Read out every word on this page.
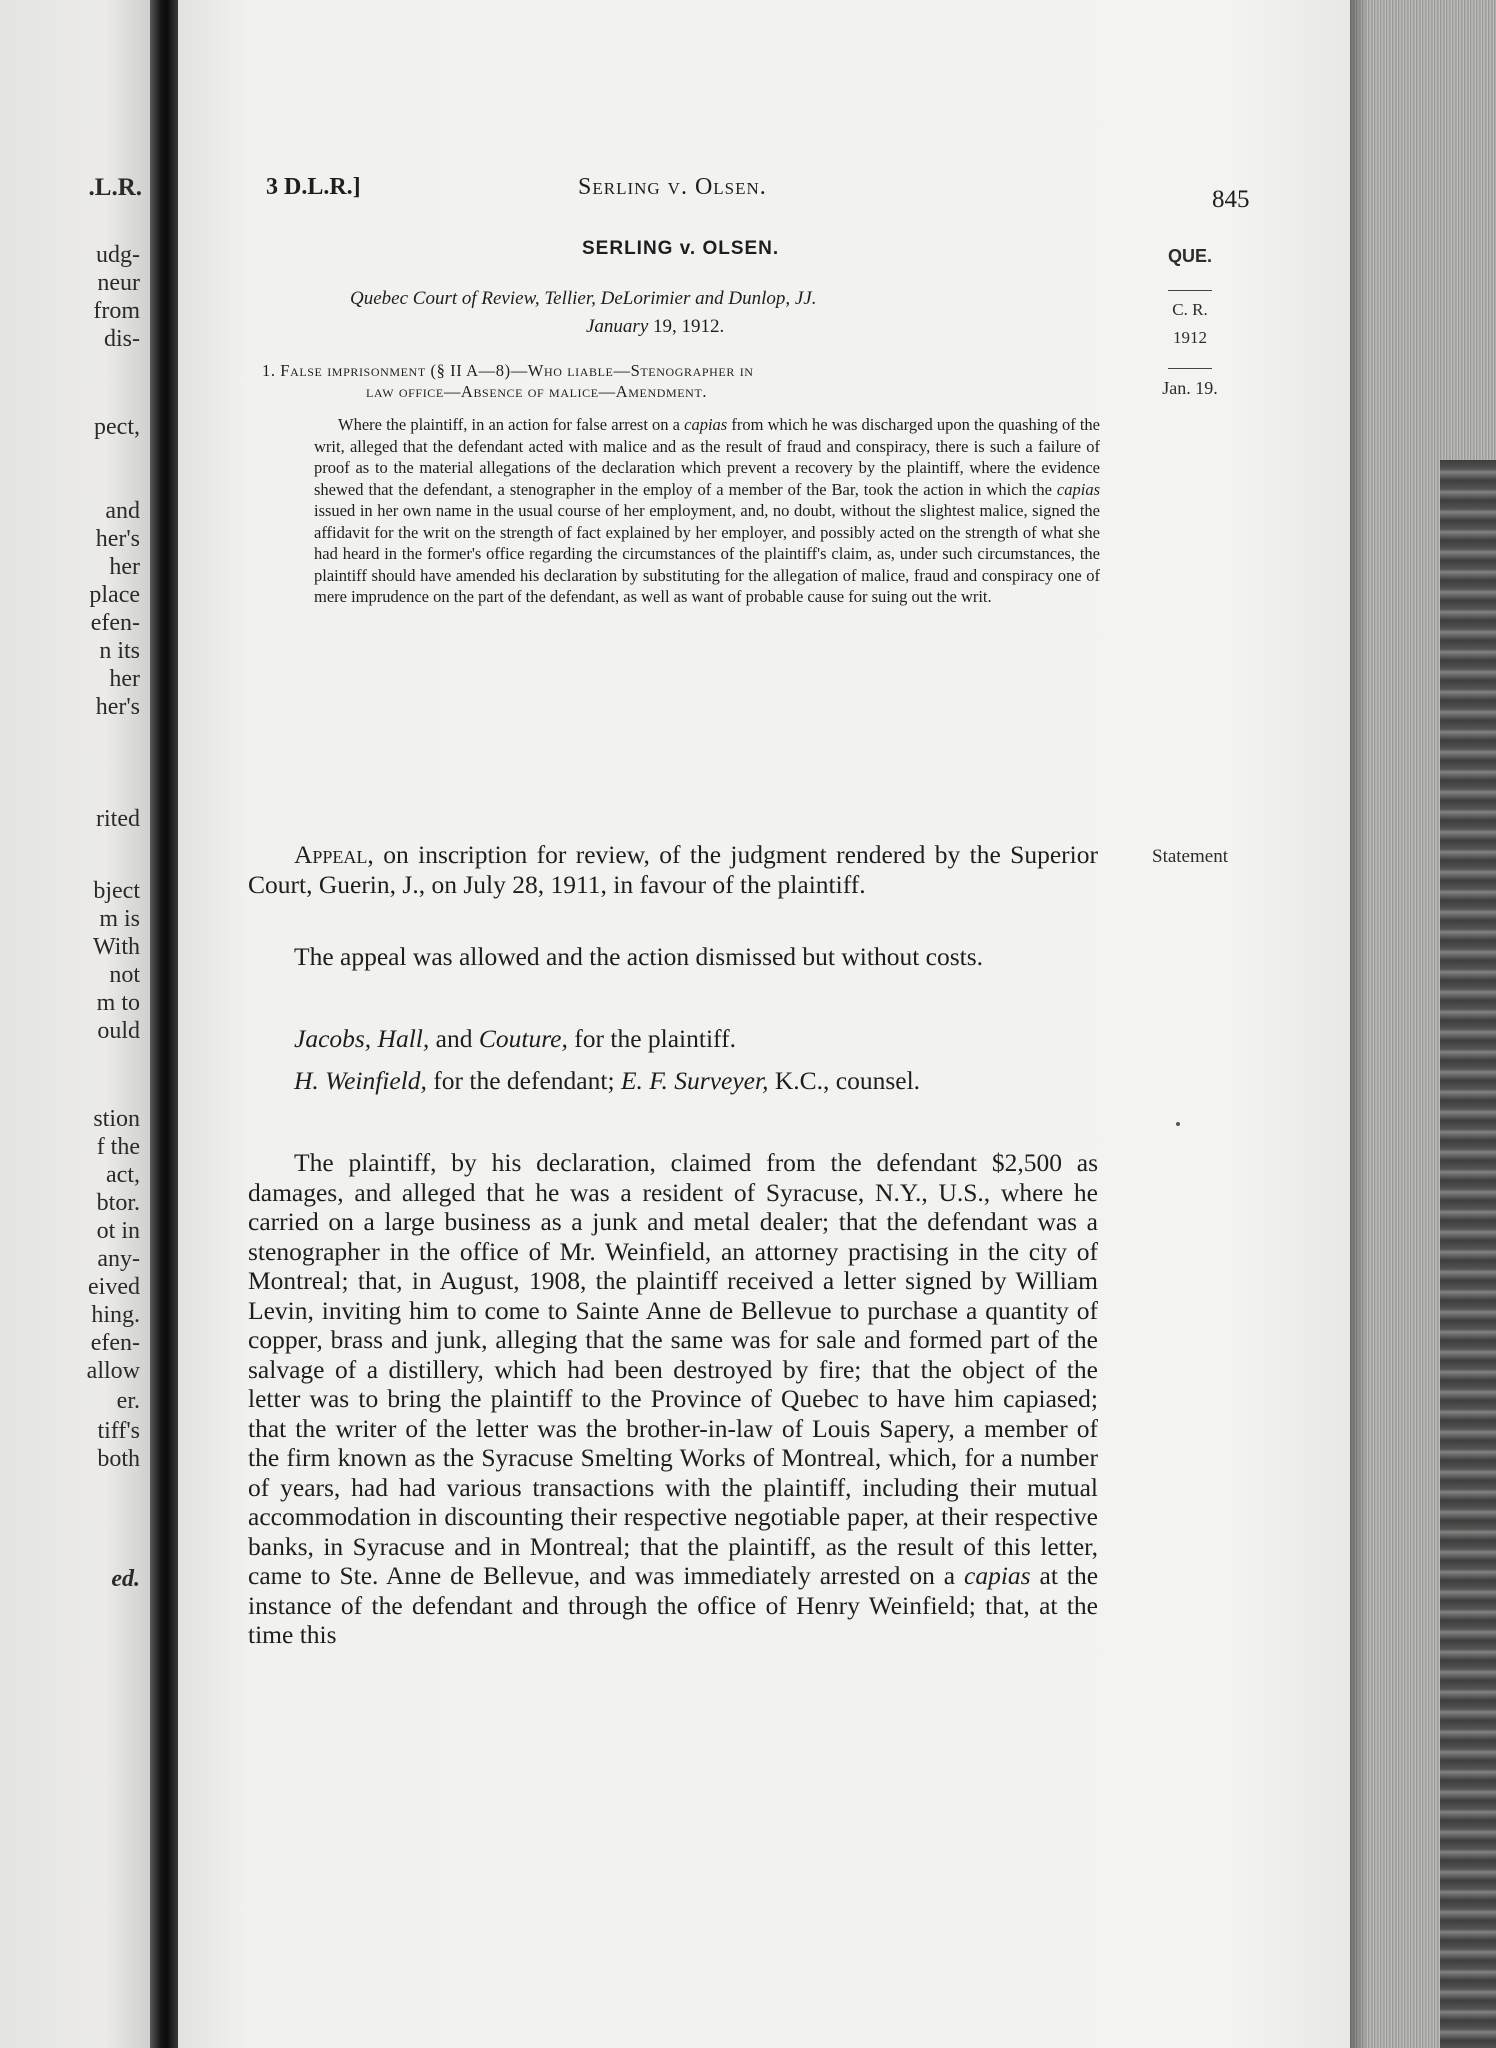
.L.R.
udg-
neur
from
dis-
pect,
and
her's
her
place
efen-
n its
her
her's
rited
bject
m is
With
not
m to
ould
stion
f the
act,
btor.
ot in
any-
eived
hing.
efen-
allow
er.
tiff's
both
ed.
3 D.L.R.]	Serling v. Olsen.	845
SERLING v. OLSEN.
Quebec Court of Review, Tellier, DeLorimier and Dunlop, JJ.
January 19, 1912.
QUE.
C. R.
1912
Jan. 19.
Statement
1. False imprisonment (§ II A—8)—Who liable—Stenographer in
law office—Absence of malice—Amendment.
Where the plaintiff, in an action for false arrest on a capias from which he was discharged upon the quashing of the writ, alleged that the defendant acted with malice and as the result of fraud and conspiracy, there is such a failure of proof as to the material allegations of the declaration which prevent a recovery by the plaintiff, where the evidence shewed that the defendant, a stenographer in the employ of a member of the Bar, took the action in which the capias issued in her own name in the usual course of her employment, and, no doubt, without the slightest malice, signed the affidavit for the writ on the strength of fact explained by her employer, and possibly acted on the strength of what she had heard in the former's office regarding the circumstances of the plaintiff's claim, as, under such circumstances, the plaintiff should have amended his declaration by substituting for the allegation of malice, fraud and conspiracy one of mere imprudence on the part of the defendant, as well as want of probable cause for suing out the writ.
Appeal, on inscription for review, of the judgment rendered by the Superior Court, Guerin, J., on July 28, 1911, in favour of the plaintiff.
The appeal was allowed and the action dismissed but without costs.
Jacobs, Hall, and Couture, for the plaintiff.
H. Weinfield, for the defendant; E. F. Surveyer, K.C., counsel.
The plaintiff, by his declaration, claimed from the defendant $2,500 as damages, and alleged that he was a resident of Syracuse, N.Y., U.S., where he carried on a large business as a junk and metal dealer; that the defendant was a stenographer in the office of Mr. Weinfield, an attorney practising in the city of Montreal; that, in August, 1908, the plaintiff received a letter signed by William Levin, inviting him to come to Sainte Anne de Bellevue to purchase a quantity of copper, brass and junk, alleging that the same was for sale and formed part of the salvage of a distillery, which had been destroyed by fire; that the object of the letter was to bring the plaintiff to the Province of Quebec to have him capiased; that the writer of the letter was the brother-in-law of Louis Sapery, a member of the firm known as the Syracuse Smelting Works of Montreal, which, for a number of years, had had various transactions with the plaintiff, including their mutual accommodation in discounting their respective negotiable paper, at their respective banks, in Syracuse and in Montreal; that the plaintiff, as the result of this letter, came to Ste. Anne de Bellevue, and was immediately arrested on a capias at the instance of the defendant and through the office of Henry Weinfield; that, at the time this
